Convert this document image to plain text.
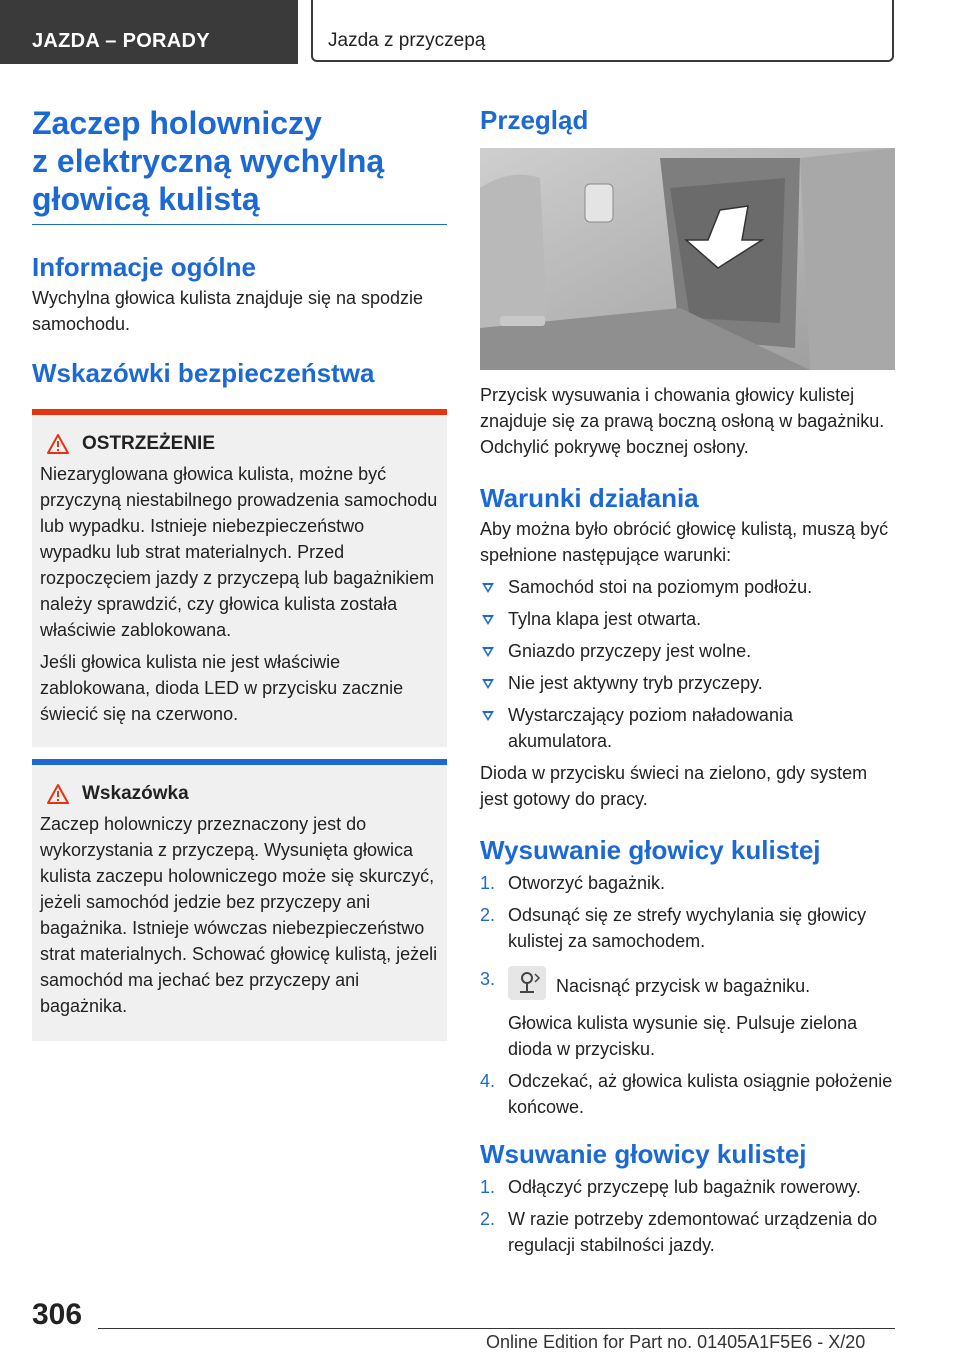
JAZDA – PORADY	Jazda z przyczepą
Zaczep holowniczy
z elektryczną wychylną
głowicą kulistą
Informacje ogólne

Wychylna głowica kulista znajduje się na spodzie samochodu.

Wskazówki bezpieczeństwa
OSTRZEŻENIE

Niezaryglowana głowica kulista, możne być przyczyną niestabilnego prowadzenia samochodu lub wypadku. Istnieje niebezpieczeństwo wypadku lub strat materialnych. Przed rozpoczęciem jazdy z przyczepą lub bagażnikiem należy sprawdzić, czy głowica kulista została właściwie zablokowana.

Jeśli głowica kulista nie jest właściwie zablokowana, dioda LED w przycisku zacznie świecić się na czerwono.

Wskazówka

Zaczep holowniczy przeznaczony jest do wykorzystania z przyczepą. Wysunięta głowica kulista zaczepu holowniczego może się skurczyć, jeżeli samochód jedzie bez przyczepy ani bagażnika. Istnieje wówczas niebezpieczeństwo strat materialnych. Schować głowicę kulistą, jeżeli samochód ma jechać bez przyczepy ani bagażnika.

Przegląd

Przycisk wysuwania i chowania głowicy kulistej znajduje się za prawą boczną osłoną w bagażniku. Odchylić pokrywę bocznej osłony.

Warunki działania

Aby można było obrócić głowicę kulistą, muszą być spełnione następujące warunki:

Samochód stoi na poziomym podłożu.
Tylna klapa jest otwarta.
Gniazdo przyczepy jest wolne.
Nie jest aktywny tryb przyczepy.
Wystarczający poziom naładowania akumulatora.

Dioda w przycisku świeci na zielono, gdy system jest gotowy do pracy.

Wysuwanie głowicy kulistej
1. Otworzyć bagażnik.
2. Odsunąć się ze strefy wychylania się głowicy kulistej za samochodem.
3.	Nacisnąć przycisk w bagażniku.
Głowica kulista wysunie się. Pulsuje zielona dioda w przycisku.
4. Odczekać, aż głowica kulista osiągnie położenie końcowe.
Wsuwanie głowicy kulistej
1. Odłączyć przyczepę lub bagażnik rowerowy.
2. W razie potrzeby zdemontować urządzenia do regulacji stabilności jazdy.
306
Online Edition for Part no. 01405A1F5E6 - X/20
